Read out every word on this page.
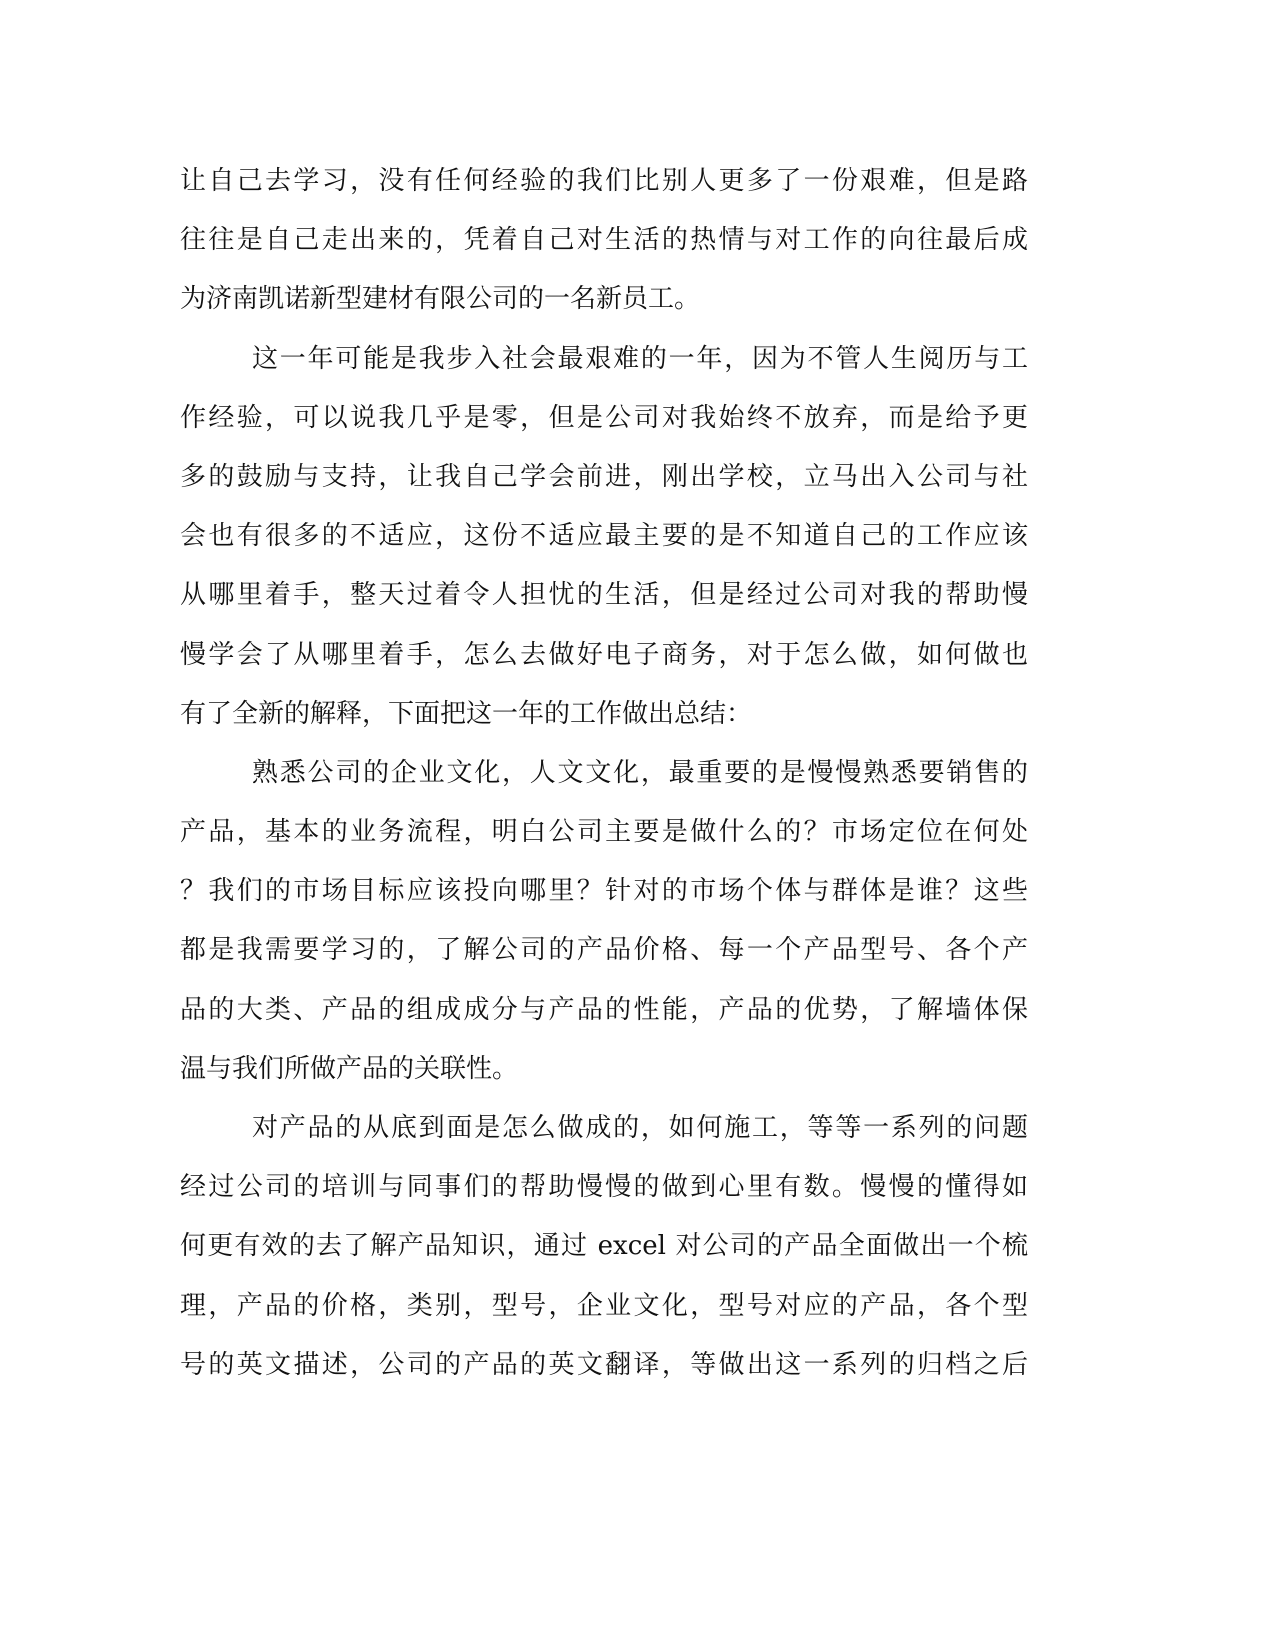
让自己去学习，没有任何经验的我们比别人更多了一份艰难，但是路
往往是自己走出来的，凭着自己对生活的热情与对工作的向往最后成
为济南凯诺新型建材有限公司的一名新员工。
这一年可能是我步入社会最艰难的一年，因为不管人生阅历与工
作经验，可以说我几乎是零，但是公司对我始终不放弃，而是给予更
多的鼓励与支持，让我自己学会前进，刚出学校，立马出入公司与社
会也有很多的不适应，这份不适应最主要的是不知道自己的工作应该
从哪里着手，整天过着令人担忧的生活，但是经过公司对我的帮助慢
慢学会了从哪里着手，怎么去做好电子商务，对于怎么做，如何做也
有了全新的解释，下面把这一年的工作做出总结：
熟悉公司的企业文化，人文文化，最重要的是慢慢熟悉要销售的
产品，基本的业务流程，明白公司主要是做什么的？市场定位在何处
？我们的市场目标应该投向哪里？针对的市场个体与群体是谁？这些
都是我需要学习的，了解公司的产品价格、每一个产品型号、各个产
品的大类、产品的组成成分与产品的性能，产品的优势，了解墙体保
温与我们所做产品的关联性。
对产品的从底到面是怎么做成的，如何施工，等等一系列的问题
经过公司的培训与同事们的帮助慢慢的做到心里有数。慢慢的懂得如
何更有效的去了解产品知识，通过 excel 对公司的产品全面做出一个梳
理，产品的价格，类别，型号，企业文化，型号对应的产品，各个型
号的英文描述，公司的产品的英文翻译，等做出这一系列的归档之后
